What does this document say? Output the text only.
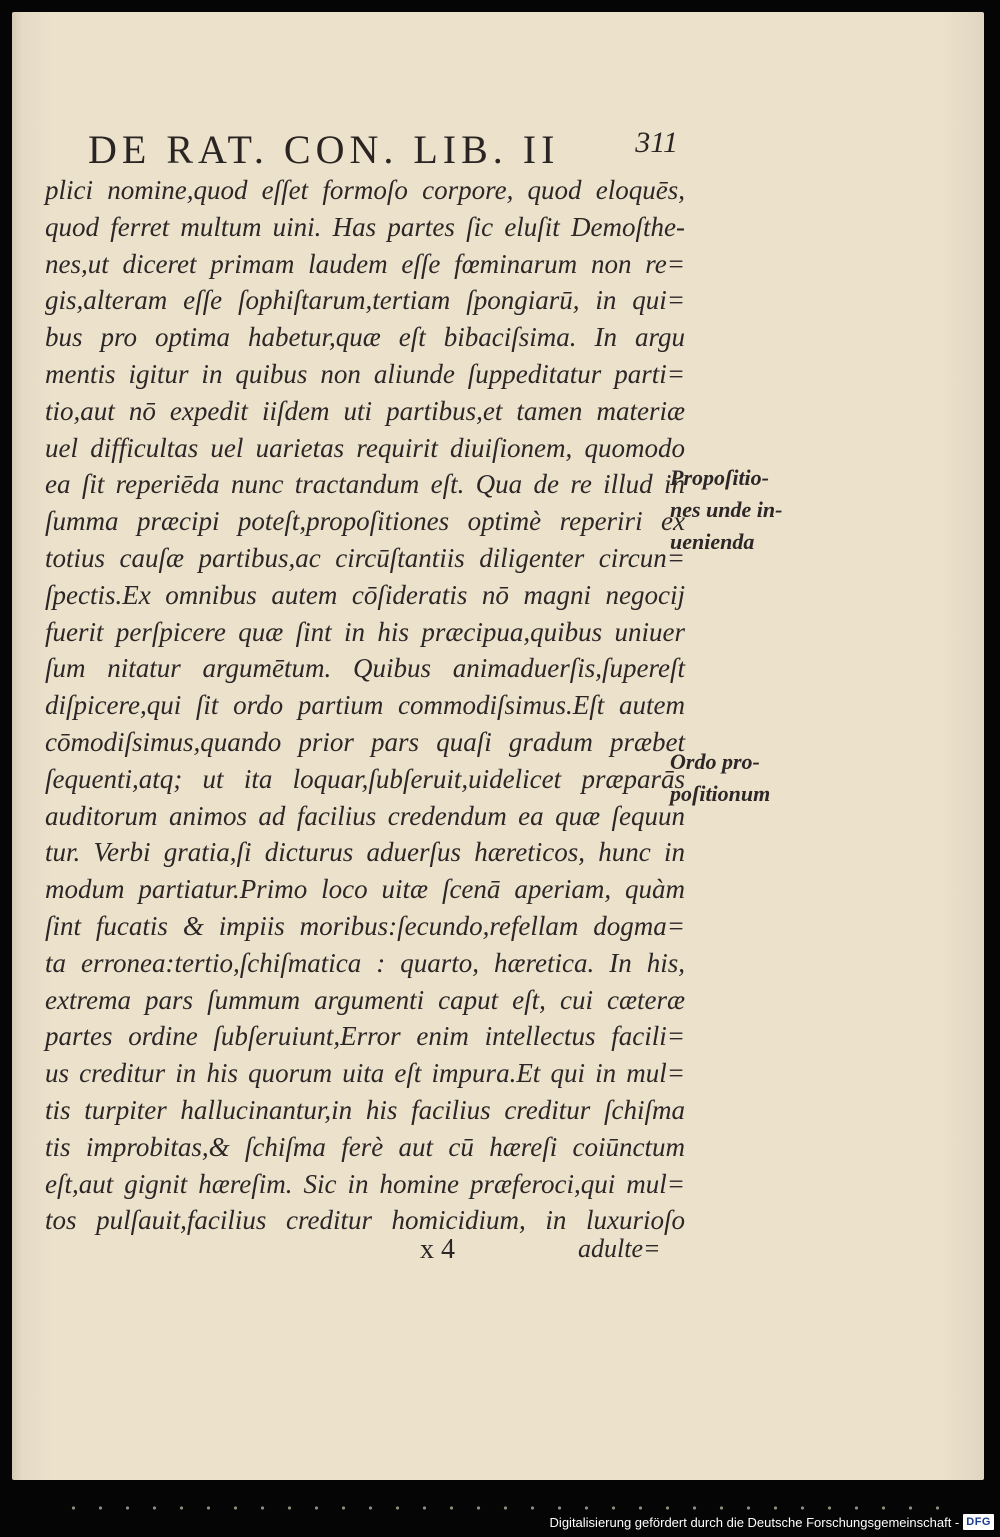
DE RAT. CON. LIB. II	311
plici nomine,quod eſſet formoſo corpore, quod eloquēs,
quod ferret multum uini. Has partes ſic eluſit Demoſthe-
nes,ut diceret primam laudem eſſe fœminarum non re=
gis,alteram eſſe ſophiſtarum,tertiam ſpongiarū, in qui=
bus pro optima habetur,quæ eſt bibaciſsima. In argu
mentis igitur in quibus non aliunde ſuppeditatur parti=
tio,aut nō expedit iiſdem uti partibus,et tamen materiæ
uel difficultas uel uarietas requirit diuiſionem, quomodo
ea ſit reperiēda nunc tractandum eſt. Qua de re illud in
ſumma præcipi poteſt,propoſitiones optimè reperiri ex
totius cauſæ partibus,ac circūſtantiis diligenter circun=
ſpectis.Ex omnibus autem cōſideratis nō magni negocij
fuerit perſpicere quæ ſint in his præcipua,quibus uniuer
ſum nitatur argumētum. Quibus animaduerſis,ſupereſt
diſpicere,qui ſit ordo partium commodiſsimus.Eſt autem
cōmodiſsimus,quando prior pars quaſi gradum præbet
ſequenti,atq; ut ita loquar,ſubſeruit,uidelicet præparās
auditorum animos ad facilius credendum ea quæ ſequun
tur. Verbi gratia,ſi dicturus aduerſus hæreticos, hunc in
modum partiatur.Primo loco uitæ ſcenā aperiam, quàm
ſint fucatis & impiis moribus:ſecundo,refellam dogma=
ta erronea:tertio,ſchiſmatica : quarto, hæretica. In his,
extrema pars ſummum argumenti caput eſt, cui cæteræ
partes ordine ſubſeruiunt,Error enim intellectus facili=
us creditur in his quorum uita eſt impura.Et qui in mul=
tis turpiter hallucinantur,in his facilius creditur ſchiſma
tis improbitas,& ſchiſma ferè aut cū hæreſi coiūnctum
eſt,aut gignit hæreſim. Sic in homine præferoci,qui mul=
tos pulſauit,facilius creditur homicidium, in luxurioſo
Propoſitio-
nes unde in-
uenienda
Ordo pro-
poſitionum
x 4	adulte=
Digitalisierung gefördert durch die Deutsche Forschungsgemeinschaft - DFG
